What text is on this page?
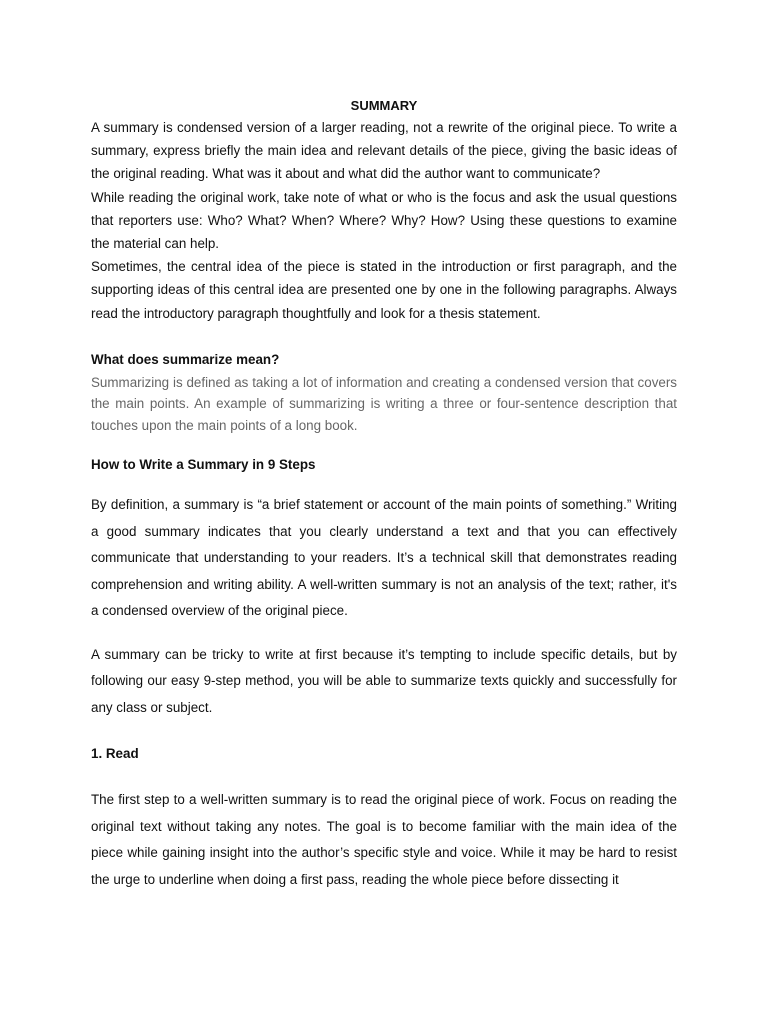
SUMMARY

A summary is condensed version of a larger reading, not a rewrite of the original piece. To write a summary, express briefly the main idea and relevant details of the piece, giving the basic ideas of the original reading. What was it about and what did the author want to communicate?

While reading the original work, take note of what or who is the focus and ask the usual questions that reporters use: Who? What? When? Where? Why? How? Using these questions to examine the material can help.

Sometimes, the central idea of the piece is stated in the introduction or first paragraph, and the supporting ideas of this central idea are presented one by one in the following paragraphs. Always read the introductory paragraph thoughtfully and look for a thesis statement.

What does summarize mean?

Summarizing is defined as taking a lot of information and creating a condensed version that covers the main points. An example of summarizing is writing a three or four-sentence description that touches upon the main points of a long book.

How to Write a Summary in 9 Steps

By definition, a summary is “a brief statement or account of the main points of something.” Writing a good summary indicates that you clearly understand a text and that you can effectively communicate that understanding to your readers. It’s a technical skill that demonstrates reading comprehension and writing ability. A well-written summary is not an analysis of the text; rather, it's a condensed overview of the original piece.

A summary can be tricky to write at first because it’s tempting to include specific details, but by following our easy 9-step method, you will be able to summarize texts quickly and successfully for any class or subject.

1. Read

The first step to a well-written summary is to read the original piece of work. Focus on reading the original text without taking any notes. The goal is to become familiar with the main idea of the piece while gaining insight into the author’s specific style and voice. While it may be hard to resist the urge to underline when doing a first pass, reading the whole piece before dissecting it
